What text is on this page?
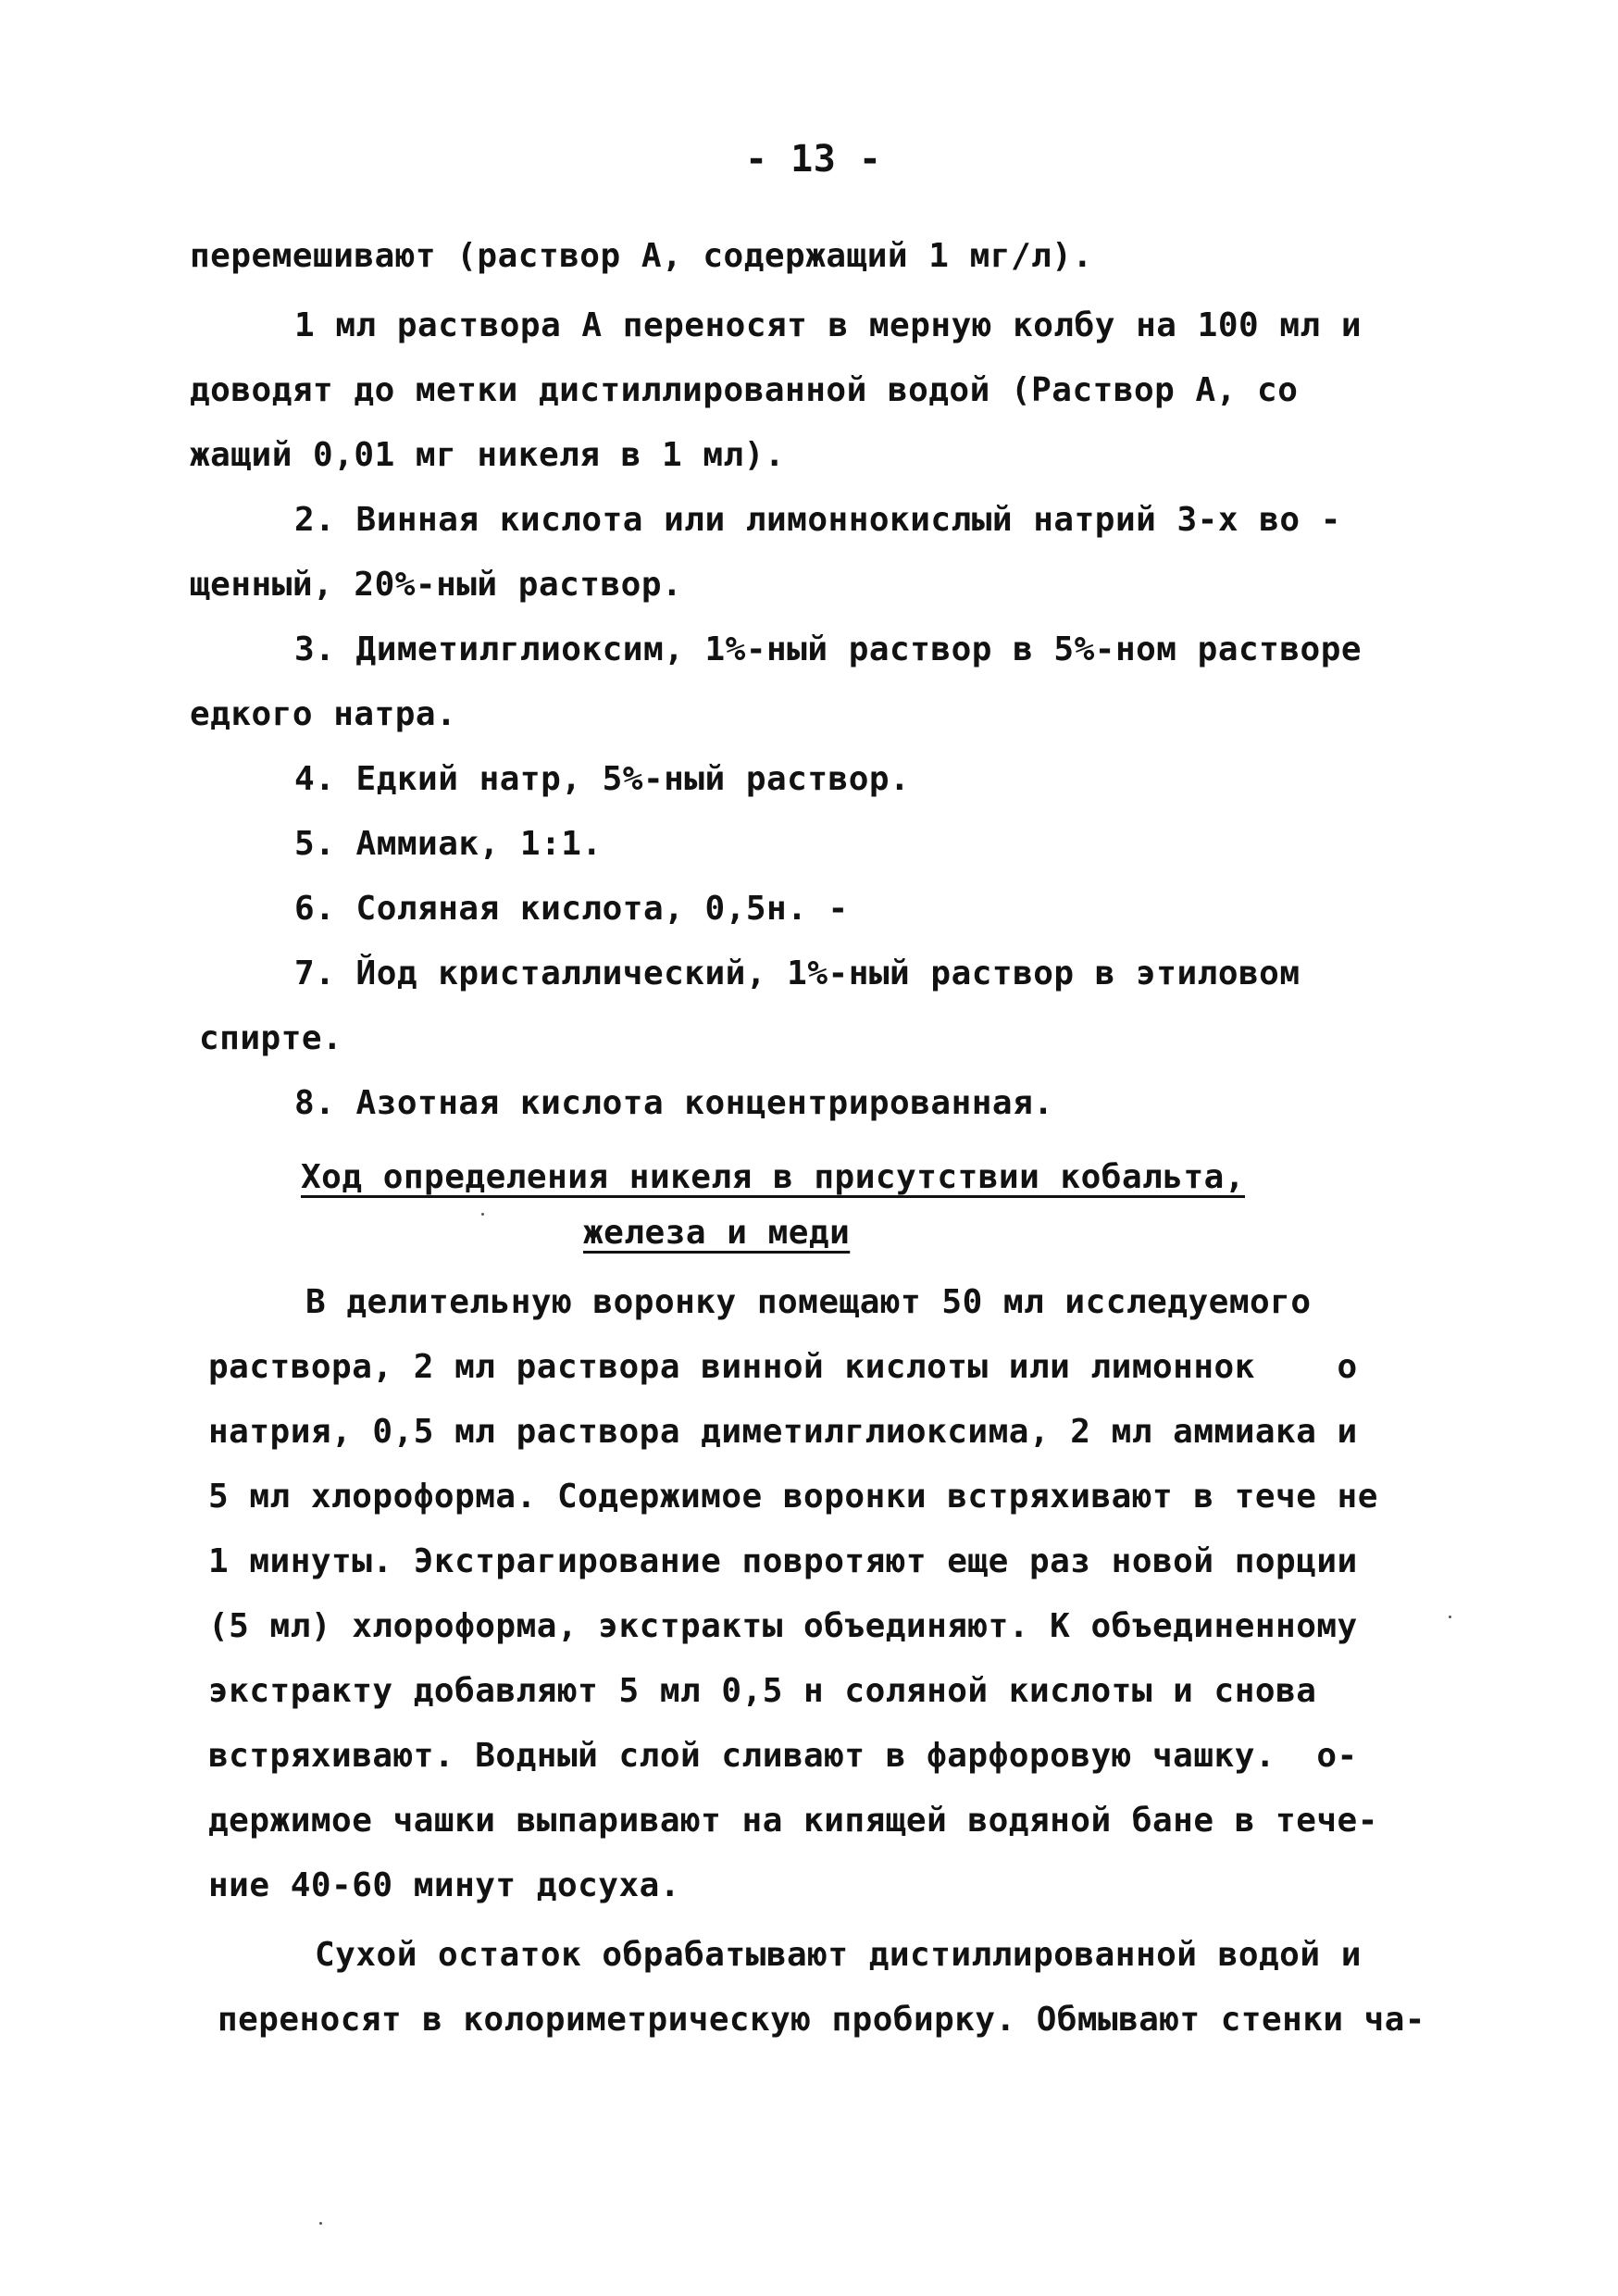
- 13 -
перемешивают (раствор А, содержащий 1 мг/л).
1 мл раствора А переносят в мерную колбу на 100 мл и
доводят до метки дистиллированной водой (Раствор А, со
жащий 0,01 мг никеля в 1 мл).
2. Винная кислота или лимоннокислый натрий 3-х во -
щенный, 20%-ный раствор.
3. Диметилглиоксим, 1%-ный раствор в 5%-ном растворе
едкого натра.
4. Едкий натр, 5%-ный раствор.
5. Аммиак, 1:1.
6. Соляная кислота, 0,5н. -
7. Йод кристаллический, 1%-ный раствор в этиловом
спирте.
8. Азотная кислота концентрированная.
Ход определения никеля в присутствии кобальта,
железа и меди
В делительную воронку помещают 50 мл исследуемого
раствора, 2 мл раствора винной кислоты или лимоннок    о
натрия, 0,5 мл раствора диметилглиоксима, 2 мл аммиака и
5 мл хлороформа. Содержимое воронки встряхивают в тече не
1 минуты. Экстрагирование повротяют еще раз новой порции
(5 мл) хлороформа, экстракты объединяют. К объединенному
экстракту добавляют 5 мл 0,5 н соляной кислоты и снова
встряхивают. Водный слой сливают в фарфоровую чашку.  о-
держимое чашки выпаривают на кипящей водяной бане в тече-
ние 40-60 минут досуха.
Сухой остаток обрабатывают дистиллированной водой и
переносят в колориметрическую пробирку. Обмывают стенки ча-
